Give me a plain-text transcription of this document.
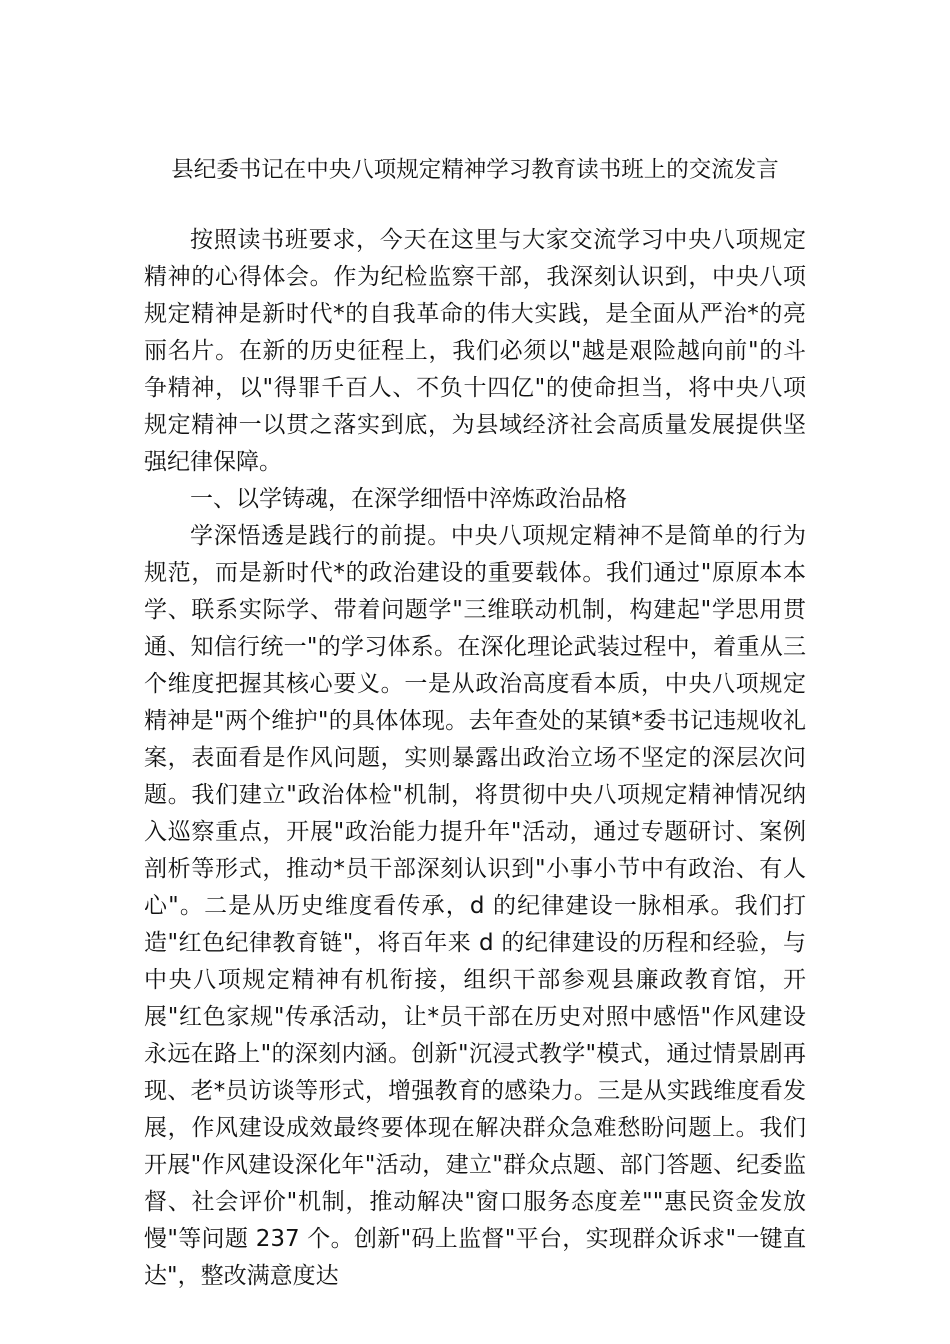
县纪委书记在中央八项规定精神学习教育读书班上的交流发言

按照读书班要求，今天在这里与大家交流学习中央八项规定精神的心得体会。作为纪检监察干部，我深刻认识到，中央八项规定精神是新时代*的自我革命的伟大实践，是全面从严治*的亮丽名片。在新的历史征程上，我们必须以"越是艰险越向前"的斗争精神，以"得罪千百人、不负十四亿"的使命担当，将中央八项规定精神一以贯之落实到底，为县域经济社会高质量发展提供坚强纪律保障。

一、以学铸魂，在深学细悟中淬炼政治品格

学深悟透是践行的前提。中央八项规定精神不是简单的行为规范，而是新时代*的政治建设的重要载体。我们通过"原原本本学、联系实际学、带着问题学"三维联动机制，构建起"学思用贯通、知信行统一"的学习体系。在深化理论武装过程中，着重从三个维度把握其核心要义。一是从政治高度看本质，中央八项规定精神是"两个维护"的具体体现。去年查处的某镇*委书记违规收礼案，表面看是作风问题，实则暴露出政治立场不坚定的深层次问题。我们建立"政治体检"机制，将贯彻中央八项规定精神情况纳入巡察重点，开展"政治能力提升年"活动，通过专题研讨、案例剖析等形式，推动*员干部深刻认识到"小事小节中有政治、有人心"。二是从历史维度看传承，d 的纪律建设一脉相承。我们打造"红色纪律教育链"，将百年来 d 的纪律建设的历程和经验，与中央八项规定精神有机衔接，组织干部参观县廉政教育馆，开展"红色家规"传承活动，让*员干部在历史对照中感悟"作风建设永远在路上"的深刻内涵。创新"沉浸式教学"模式，通过情景剧再现、老*员访谈等形式，增强教育的感染力。三是从实践维度看发展，作风建设成效最终要体现在解决群众急难愁盼问题上。我们开展"作风建设深化年"活动，建立"群众点题、部门答题、纪委监督、社会评价"机制，推动解决"窗口服务态度差""惠民资金发放慢"等问题 237 个。创新"码上监督"平台，实现群众诉求"一键直达"，整改满意度达
